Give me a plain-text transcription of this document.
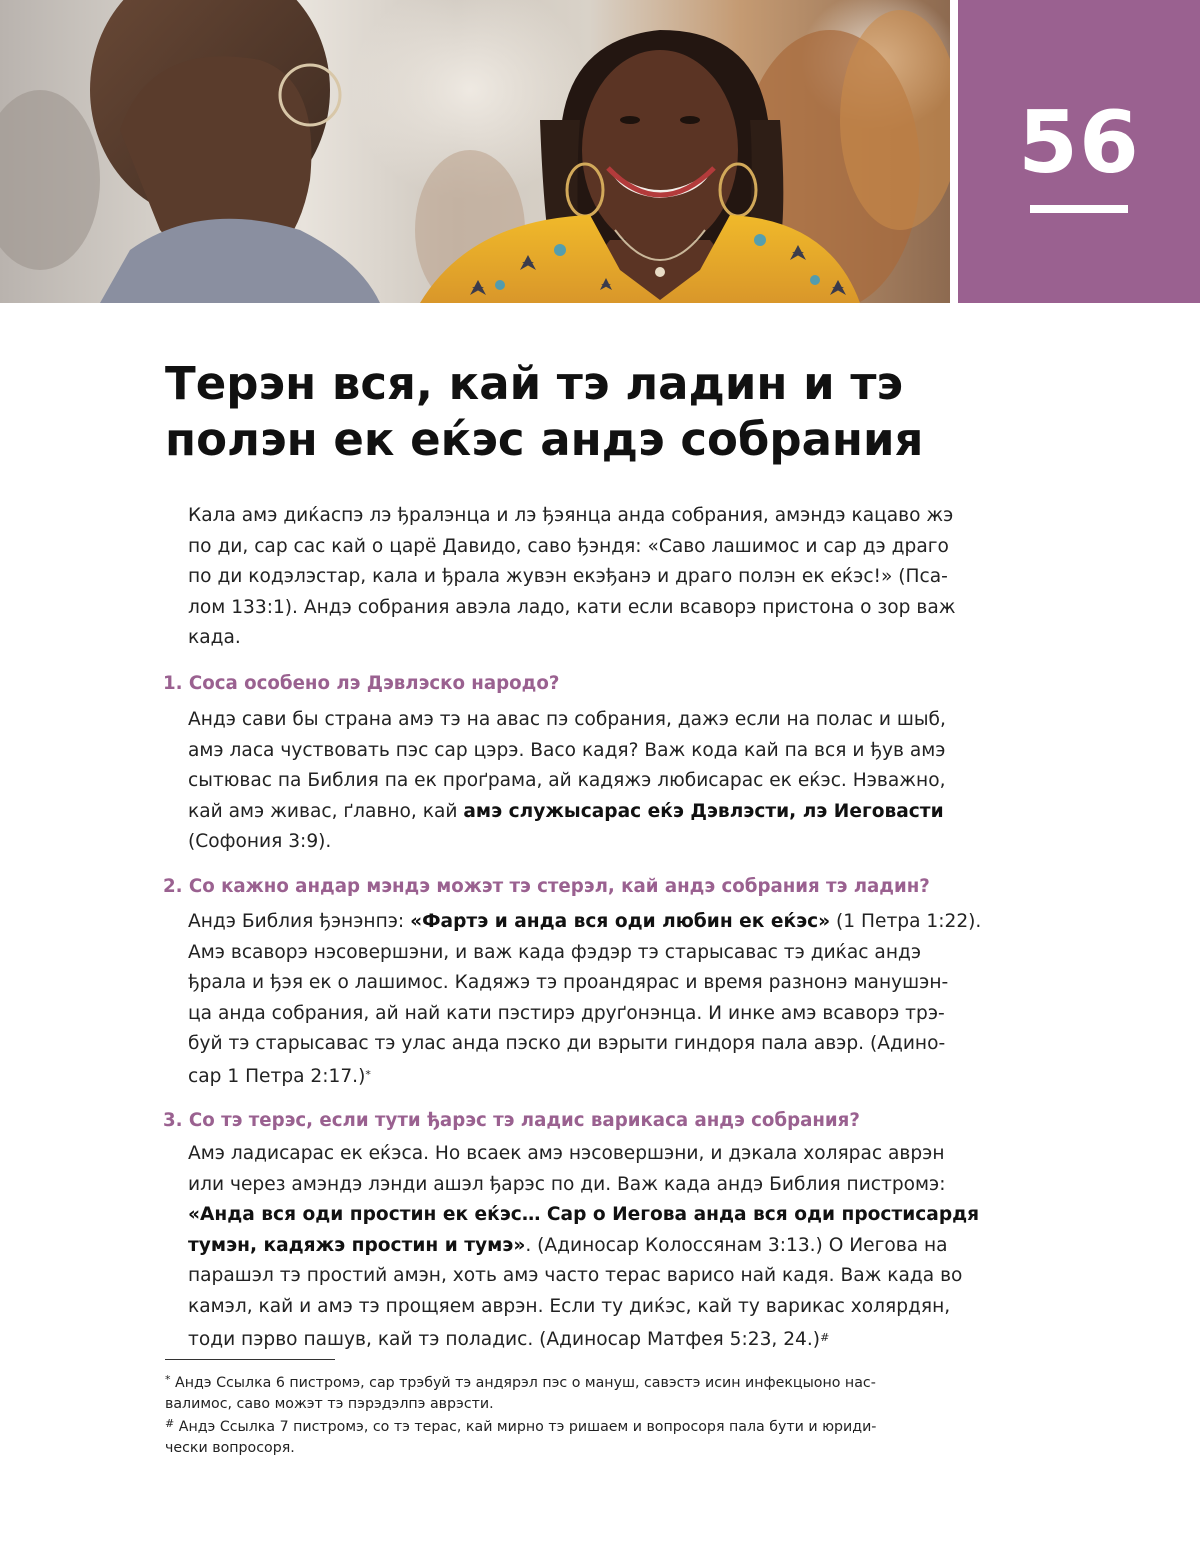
56
Терэн вся, кай тэ ладин и тэ
полэн ек еќэс андэ собрания

Кала амэ диќаспэ лэ ђралэнца и лэ ђэянца анда собрания, амэндэ кацаво жэ
по ди, сар сас кай о царё Давидо, саво ђэндя: «Саво лашимос и сар дэ драго
по ди кодэлэстар, кала и ђрала жувэн екэђанэ и драго полэн ек еќэс!» (Пса-
лом 133:1). Андэ собрания авэла ладо, кати если всаворэ пристона о зор важ
када.

1. Соса особено лэ Дэвлэско народо?

Андэ сави бы страна амэ тэ на авас пэ собрания, дажэ если на полас и шыб,
амэ ласа чуствовать пэс сар цэрэ. Васо кадя? Важ кода кай па вся и ђув амэ
сытювас па Библия па ек проґрама, ай кадяжэ любисарас ек еќэс. Нэважно,
кай амэ живас, ґлавно, кай амэ служысарас еќэ Дэвлэсти, лэ Иеговасти
(Софония 3:9).

2. Со кажно андар мэндэ можэт тэ стерэл, кай андэ собрания тэ ладин?

Андэ Библия ђэнэнпэ: «Фартэ и анда вся оди любин ек еќэс» (1 Петра 1:22).
Амэ всаворэ нэсовершэни, и важ када фэдэр тэ старысавас тэ диќас андэ
ђрала и ђэя ек о лашимос. Кадяжэ тэ проандярас и время разнонэ манушэн-
ца анда собрания, ай най кати пэстирэ друґонэнца. И инке амэ всаворэ трэ-
буй тэ старысавас тэ улас анда пэско ди вэрыти гиндоря пала авэр. (Адино-
сар 1 Петра 2:17.)*

3. Со тэ терэс, если тути ђарэс тэ ладис варикаса андэ собрания?

Амэ ладисарас ек еќэса. Но всаек амэ нэсовершэни, и дэкала холярас аврэн
или через амэндэ лэнди ашэл ђарэс по ди. Важ када андэ Библия пистромэ:
«Анда вся оди простин ек еќэс… Сар о Иегова анда вся оди простисардя
тумэн, кадяжэ простин и тумэ». (Адиносар Колоссянам 3:13.) О Иегова на
парашэл тэ простий амэн, хоть амэ часто терас варисо най кадя. Важ када во
камэл, кай и амэ тэ прощяем аврэн. Если ту диќэс, кай ту варикас холярдян,
тоди пэрво пашув, кай тэ поладис. (Адиносар Матфея 5:23, 24.)#

* Андэ Ссылка 6 пистромэ, сар трэбуй тэ андярэл пэс о мануш, савэстэ исин инфекцыоно нас-
валимос, саво можэт тэ пэрэдэлпэ аврэсти.
# Андэ Ссылка 7 пистромэ, со тэ терас, кай мирно тэ ришаем и вопросоря пала бути и юриди-
чески вопросоря.
